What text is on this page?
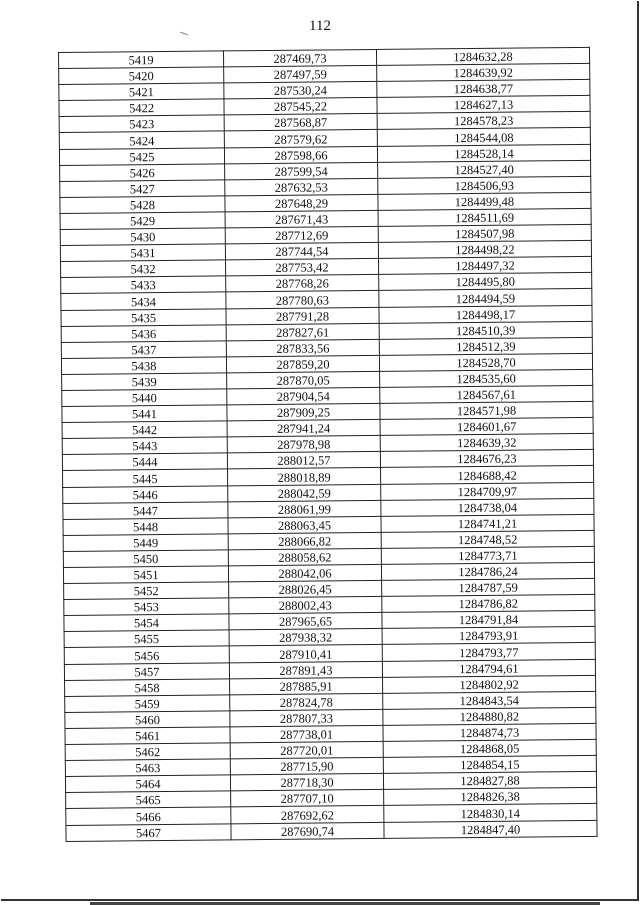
112
5419	287469,73	1284632,28
5420	287497,59	1284639,92
5421	287530,24	1284638,77
5422	287545,22	1284627,13
5423	287568,87	1284578,23
5424	287579,62	1284544,08
5425	287598,66	1284528,14
5426	287599,54	1284527,40
5427	287632,53	1284506,93
5428	287648,29	1284499,48
5429	287671,43	1284511,69
5430	287712,69	1284507,98
5431	287744,54	1284498,22
5432	287753,42	1284497,32
5433	287768,26	1284495,80
5434	287780,63	1284494,59
5435	287791,28	1284498,17
5436	287827,61	1284510,39
5437	287833,56	1284512,39
5438	287859,20	1284528,70
5439	287870,05	1284535,60
5440	287904,54	1284567,61
5441	287909,25	1284571,98
5442	287941,24	1284601,67
5443	287978,98	1284639,32
5444	288012,57	1284676,23
5445	288018,89	1284688,42
5446	288042,59	1284709,97
5447	288061,99	1284738,04
5448	288063,45	1284741,21
5449	288066,82	1284748,52
5450	288058,62	1284773,71
5451	288042,06	1284786,24
5452	288026,45	1284787,59
5453	288002,43	1284786,82
5454	287965,65	1284791,84
5455	287938,32	1284793,91
5456	287910,41	1284793,77
5457	287891,43	1284794,61
5458	287885,91	1284802,92
5459	287824,78	1284843,54
5460	287807,33	1284880,82
5461	287738,01	1284874,73
5462	287720,01	1284868,05
5463	287715,90	1284854,15
5464	287718,30	1284827,88
5465	287707,10	1284826,38
5466	287692,62	1284830,14
5467	287690,74	1284847,40
